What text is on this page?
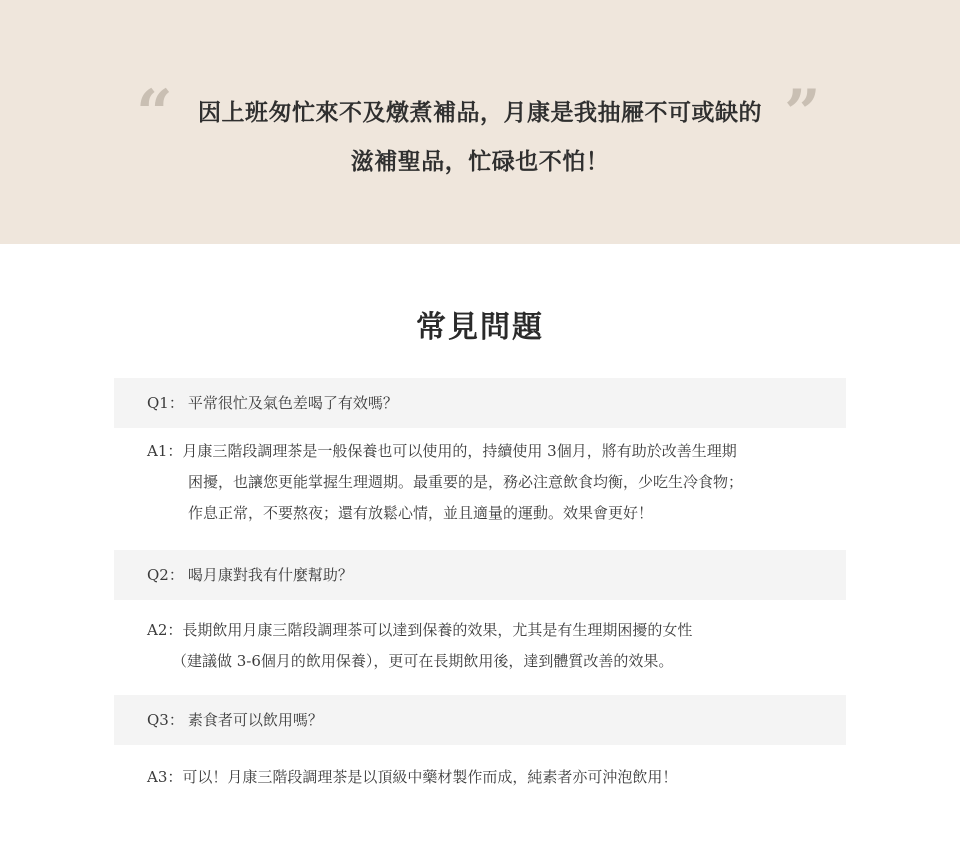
“	因上班匆忙來不及燉煮補品，月康是我抽屜不可或缺的
滋補聖品，忙碌也不怕！
”
常見問題
Q1： 平常很忙及氣色差喝了有效嗎？
A1：月康三階段調理茶是一般保養也可以使用的，持續使用 3個月，將有助於改善生理期
困擾，也讓您更能掌握生理週期。最重要的是，務必注意飲食均衡，少吃生冷食物；
作息正常，不要熬夜；還有放鬆心情，並且適量的運動。效果會更好！
Q2： 喝月康對我有什麼幫助？
A2：長期飲用月康三階段調理茶可以達到保養的效果，尤其是有生理期困擾的女性
（建議做 3-6個月的飲用保養），更可在長期飲用後，達到體質改善的效果。
Q3： 素食者可以飲用嗎？
A3：可以！月康三階段調理茶是以頂級中藥材製作而成，純素者亦可沖泡飲用！
